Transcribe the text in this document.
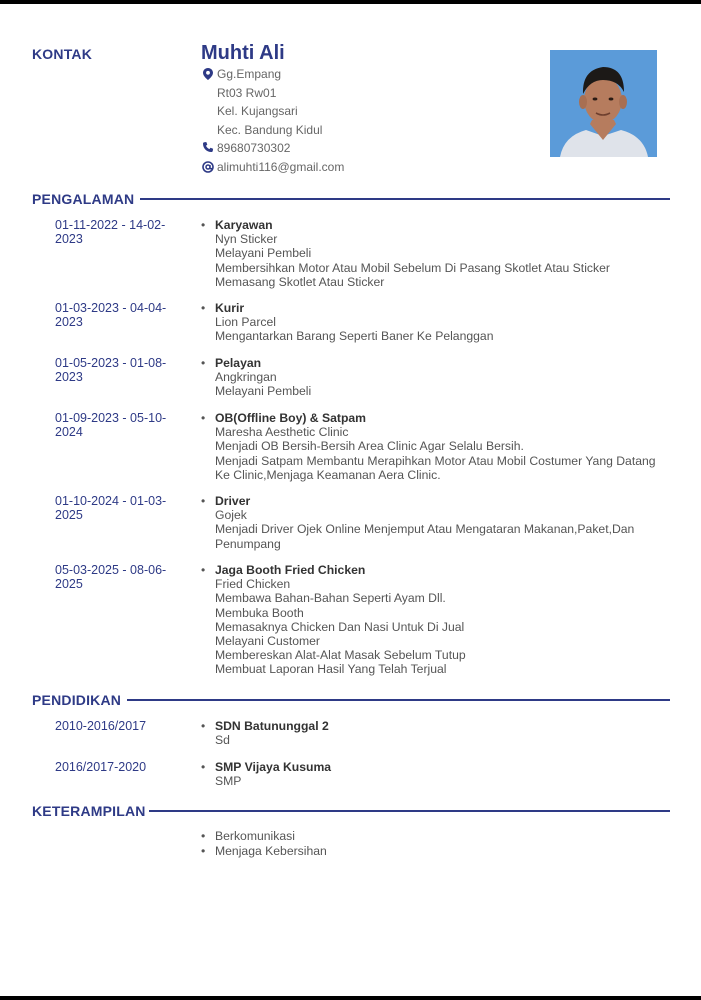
KONTAK	Muhti Ali
Gg.Empang
Rt03 Rw01
Kel. Kujangsari
Kec. Bandung Kidul
89680730302
alimuhti116@gmail.com
PENGALAMAN
01-11-2022 - 14-02-
2023
• Karyawan
Nyn Sticker
Melayani Pembeli
Membersihkan Motor Atau Mobil Sebelum Di Pasang Skotlet Atau Sticker
Memasang Skotlet Atau Sticker
01-03-2023 - 04-04-
2023
• Kurir
Lion Parcel
Mengantarkan Barang Seperti Baner Ke Pelanggan
01-05-2023 - 01-08-
2023
• Pelayan
Angkringan
Melayani Pembeli
01-09-2023 - 05-10-
2024
• OB(Offline Boy) & Satpam
Maresha Aesthetic Clinic
Menjadi OB Bersih-Bersih Area Clinic Agar Selalu Bersih.
Menjadi Satpam Membantu Merapihkan Motor Atau Mobil Costumer Yang Datang
Ke Clinic,Menjaga Keamanan Aera Clinic.
01-10-2024 - 01-03-
2025
• Driver
Gojek
Menjadi Driver Ojek Online Menjemput Atau Mengataran Makanan,Paket,Dan
Penumpang
05-03-2025 - 08-06-
2025
• Jaga Booth Fried Chicken
Fried Chicken
Membawa Bahan-Bahan Seperti Ayam Dll.
Membuka Booth
Memasaknya Chicken Dan Nasi Untuk Di Jual
Melayani Customer
Membereskan Alat-Alat Masak Sebelum Tutup
Membuat Laporan Hasil Yang Telah Terjual
PENDIDIKAN
2010-2016/2017	• SDN Batununggal 2
Sd
2016/2017-2020	• SMP Vijaya Kusuma
SMP
KETERAMPILAN
• Berkomunikasi
• Menjaga Kebersihan
